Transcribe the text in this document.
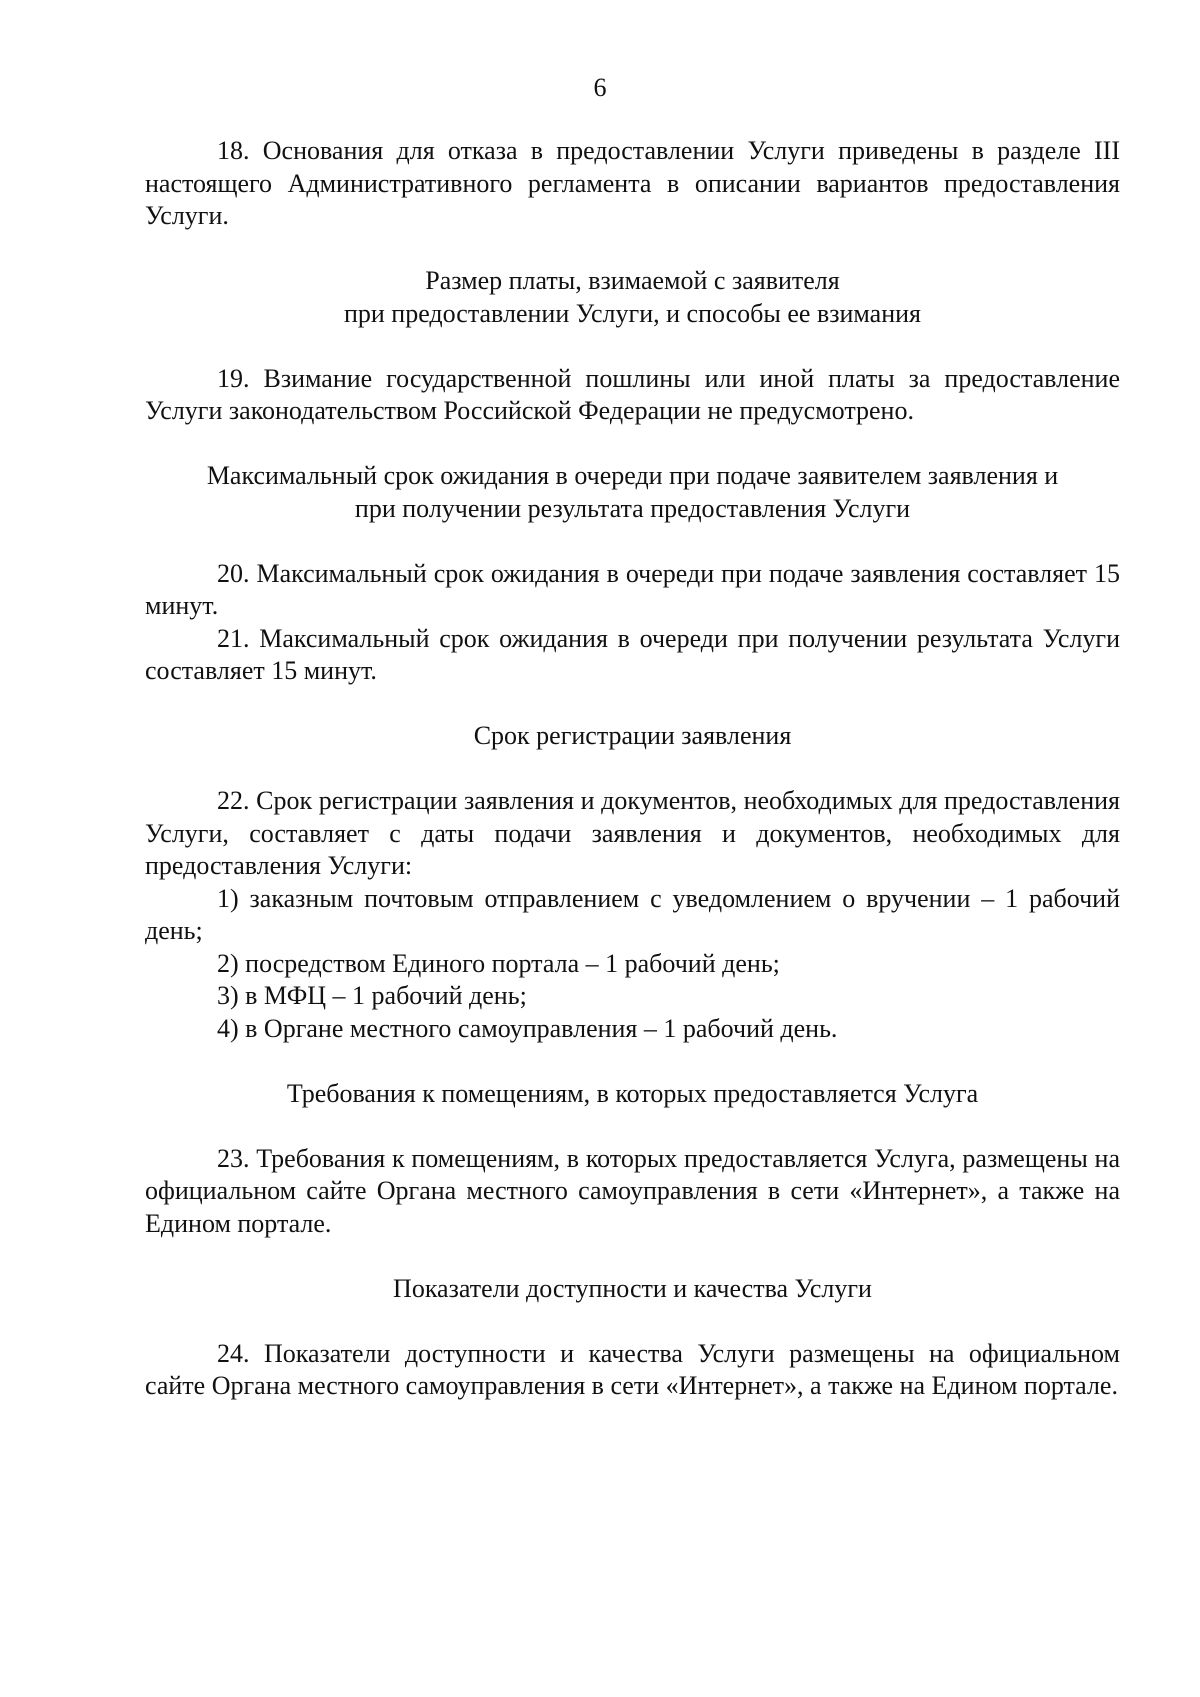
6

18. Основания для отказа в предоставлении Услуги приведены в разделе III настоящего Административного регламента в описании вариантов предоставления Услуги.

Размер платы, взимаемой с заявителя
при предоставлении Услуги, и способы ее взимания

19. Взимание государственной пошлины или иной платы за предоставление Услуги законодательством Российской Федерации не предусмотрено.

Максимальный срок ожидания в очереди при подаче заявителем заявления и
при получении результата предоставления Услуги

20. Максимальный срок ожидания в очереди при подаче заявления составляет 15 минут.

21. Максимальный срок ожидания в очереди при получении результата Услуги составляет 15 минут.

Срок регистрации заявления

22. Срок регистрации заявления и документов, необходимых для предоставления Услуги, составляет с даты подачи заявления и документов, необходимых для предоставления Услуги:

1) заказным почтовым отправлением с уведомлением о вручении – 1 рабочий день;

2) посредством Единого портала – 1 рабочий день;

3) в МФЦ – 1 рабочий день;

4) в Органе местного самоуправления – 1 рабочий день.

Требования к помещениям, в которых предоставляется Услуга

23. Требования к помещениям, в которых предоставляется Услуга, размещены на официальном сайте Органа местного самоуправления в сети «Интернет», а также на Едином портале.

Показатели доступности и качества Услуги

24. Показатели доступности и качества Услуги размещены на официальном сайте Органа местного самоуправления в сети «Интернет», а также на Едином портале.
